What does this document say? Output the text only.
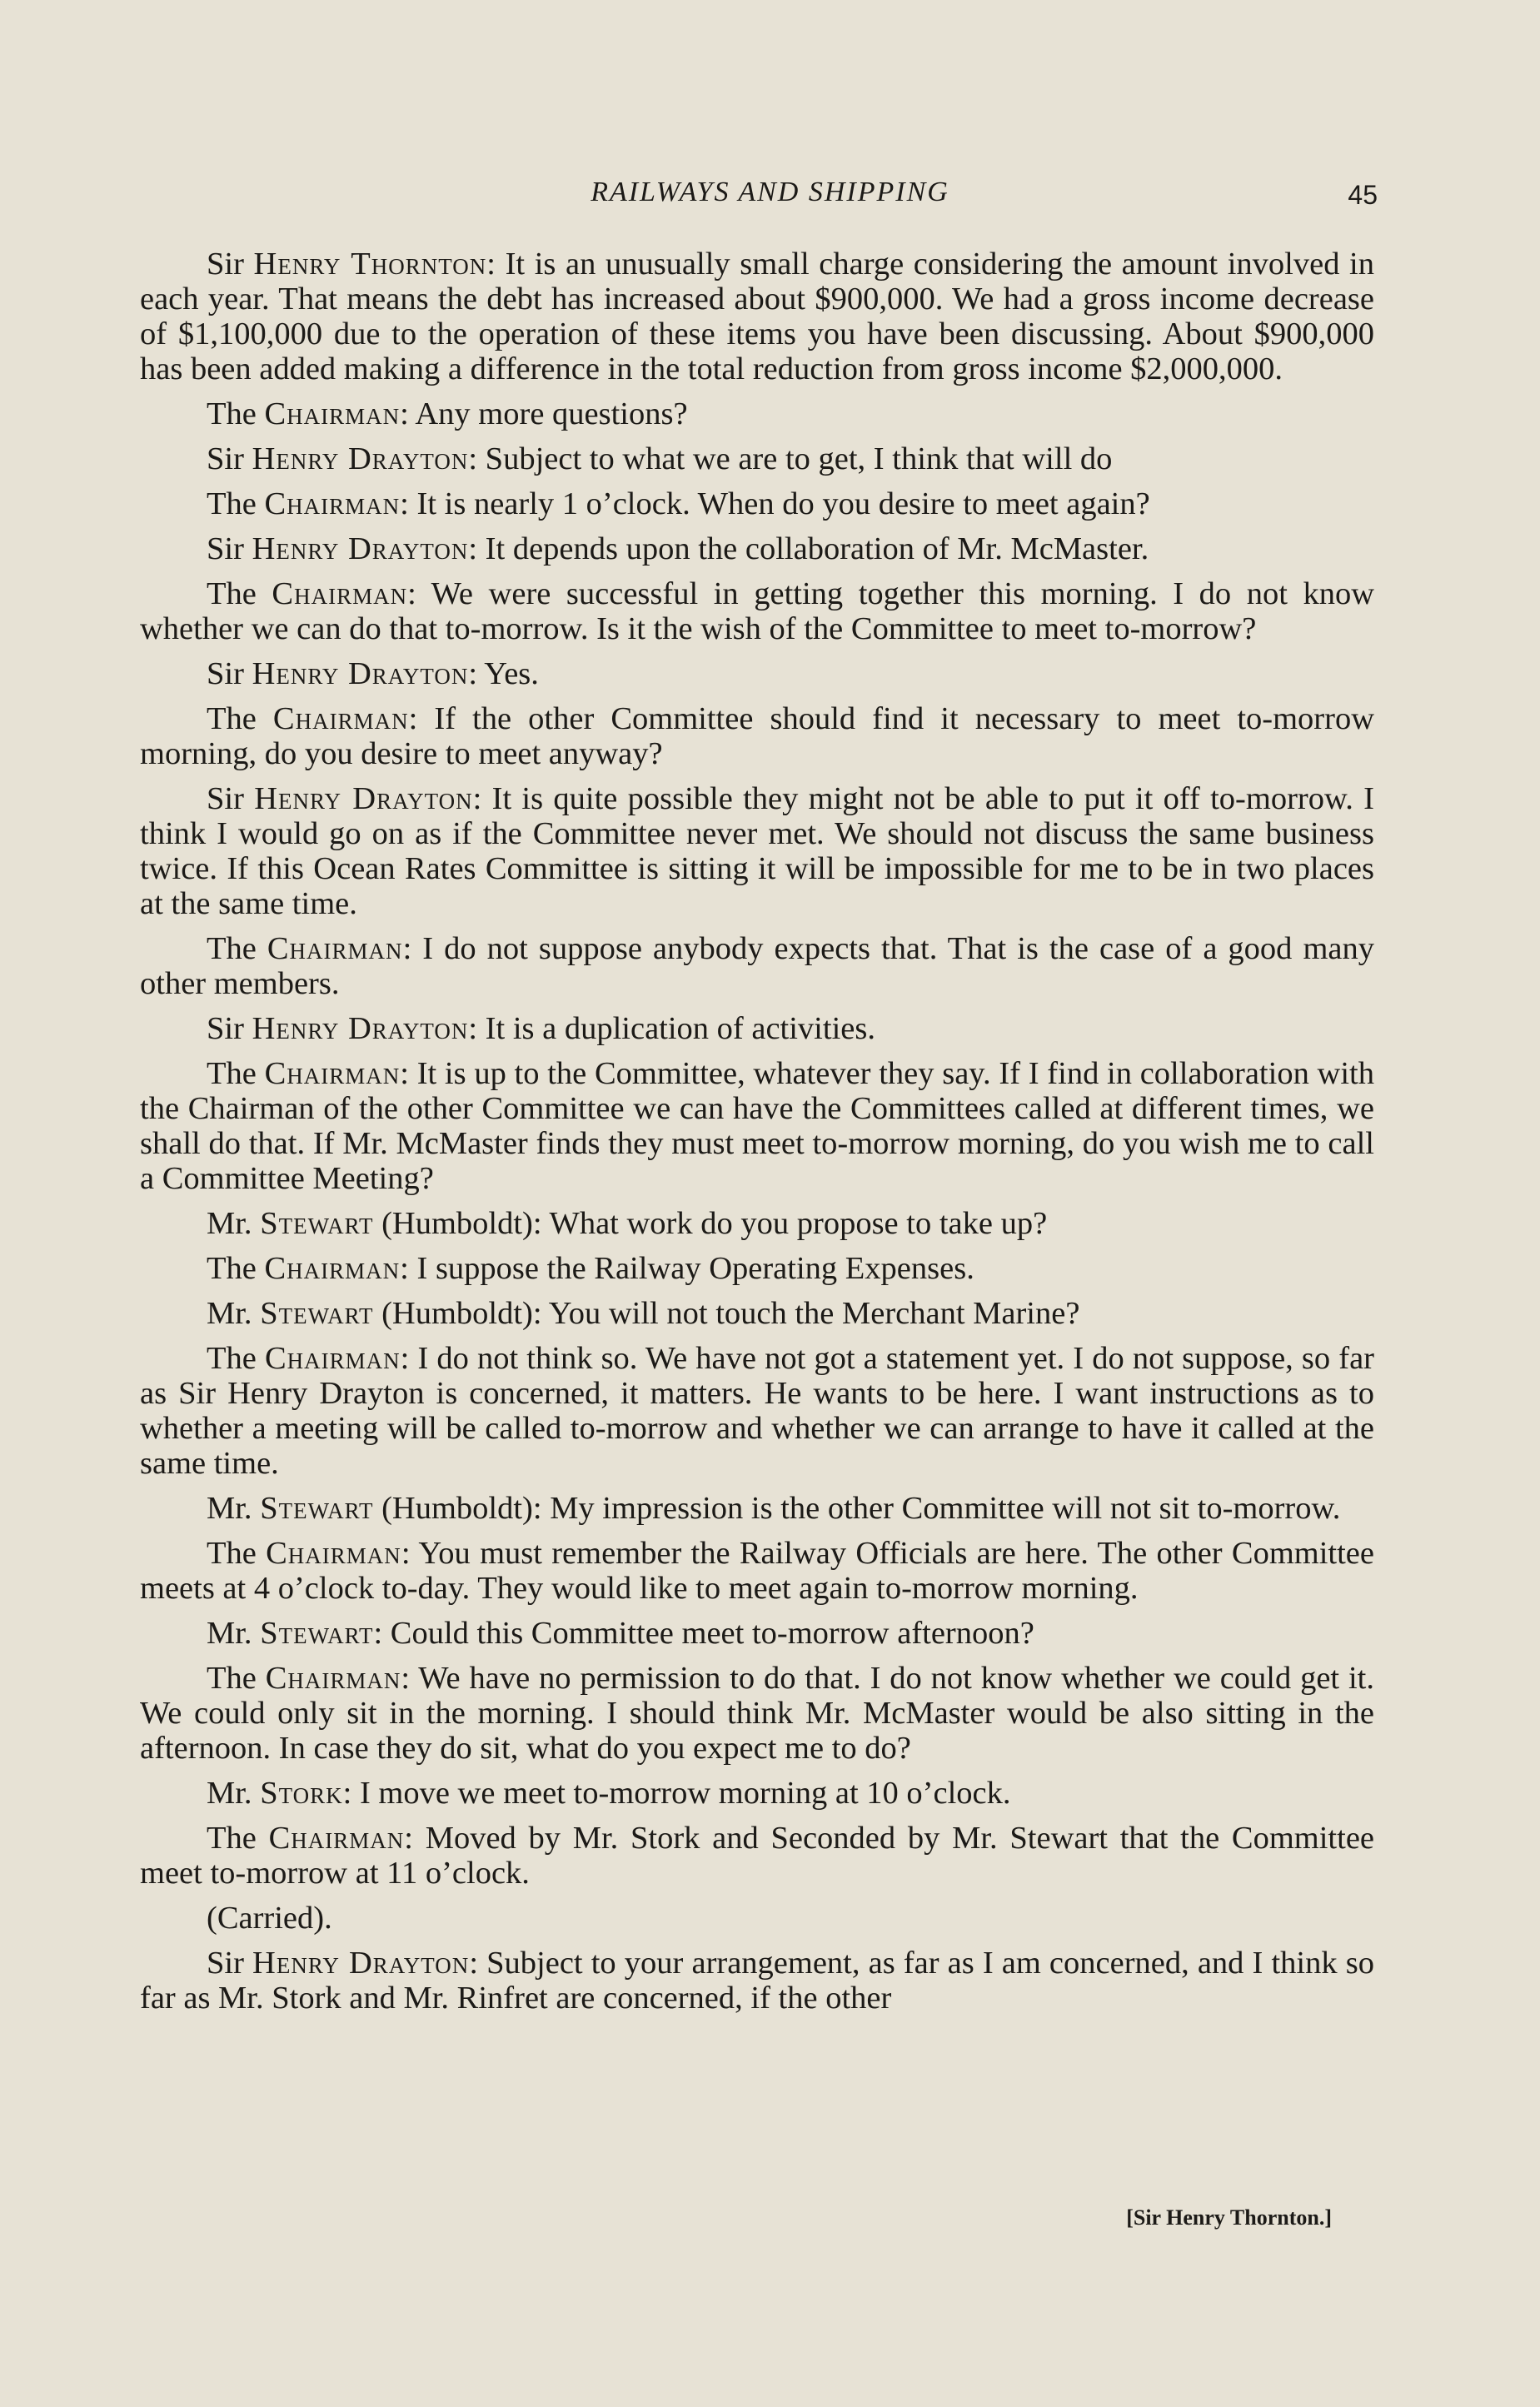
RAILWAYS AND SHIPPING	45

Sir Henry Thornton: It is an unusually small charge considering the amount involved in each year. That means the debt has increased about $900,000. We had a gross income decrease of $1,100,000 due to the operation of these items you have been discussing. About $900,000 has been added making a difference in the total reduction from gross income $2,000,000.

The Chairman: Any more questions?

Sir Henry Drayton: Subject to what we are to get, I think that will do

The Chairman: It is nearly 1 o’clock. When do you desire to meet again?

Sir Henry Drayton: It depends upon the collaboration of Mr. McMaster.

The Chairman: We were successful in getting together this morning. I do not know whether we can do that to-morrow. Is it the wish of the Committee to meet to-morrow?

Sir Henry Drayton: Yes.

The Chairman: If the other Committee should find it necessary to meet to-morrow morning, do you desire to meet anyway?

Sir Henry Drayton: It is quite possible they might not be able to put it off to-morrow. I think I would go on as if the Committee never met. We should not discuss the same business twice. If this Ocean Rates Committee is sitting it will be impossible for me to be in two places at the same time.

The Chairman: I do not suppose anybody expects that. That is the case of a good many other members.

Sir Henry Drayton: It is a duplication of activities.

The Chairman: It is up to the Committee, whatever they say. If I find in collaboration with the Chairman of the other Committee we can have the Committees called at different times, we shall do that. If Mr. McMaster finds they must meet to-morrow morning, do you wish me to call a Committee Meeting?

Mr. Stewart (Humboldt): What work do you propose to take up?

The Chairman: I suppose the Railway Operating Expenses.

Mr. Stewart (Humboldt): You will not touch the Merchant Marine?

The Chairman: I do not think so. We have not got a statement yet. I do not suppose, so far as Sir Henry Drayton is concerned, it matters. He wants to be here. I want instructions as to whether a meeting will be called to-morrow and whether we can arrange to have it called at the same time.

Mr. Stewart (Humboldt): My impression is the other Committee will not sit to-morrow.

The Chairman: You must remember the Railway Officials are here. The other Committee meets at 4 o’clock to-day. They would like to meet again to-morrow morning.

Mr. Stewart: Could this Committee meet to-morrow afternoon?

The Chairman: We have no permission to do that. I do not know whether we could get it. We could only sit in the morning. I should think Mr. McMaster would be also sitting in the afternoon. In case they do sit, what do you expect me to do?

Mr. Stork: I move we meet to-morrow morning at 10 o’clock.

The Chairman: Moved by Mr. Stork and Seconded by Mr. Stewart that the Committee meet to-morrow at 11 o’clock.

(Carried).

Sir Henry Drayton: Subject to your arrangement, as far as I am concerned, and I think so far as Mr. Stork and Mr. Rinfret are concerned, if the other

[Sir Henry Thornton.]
